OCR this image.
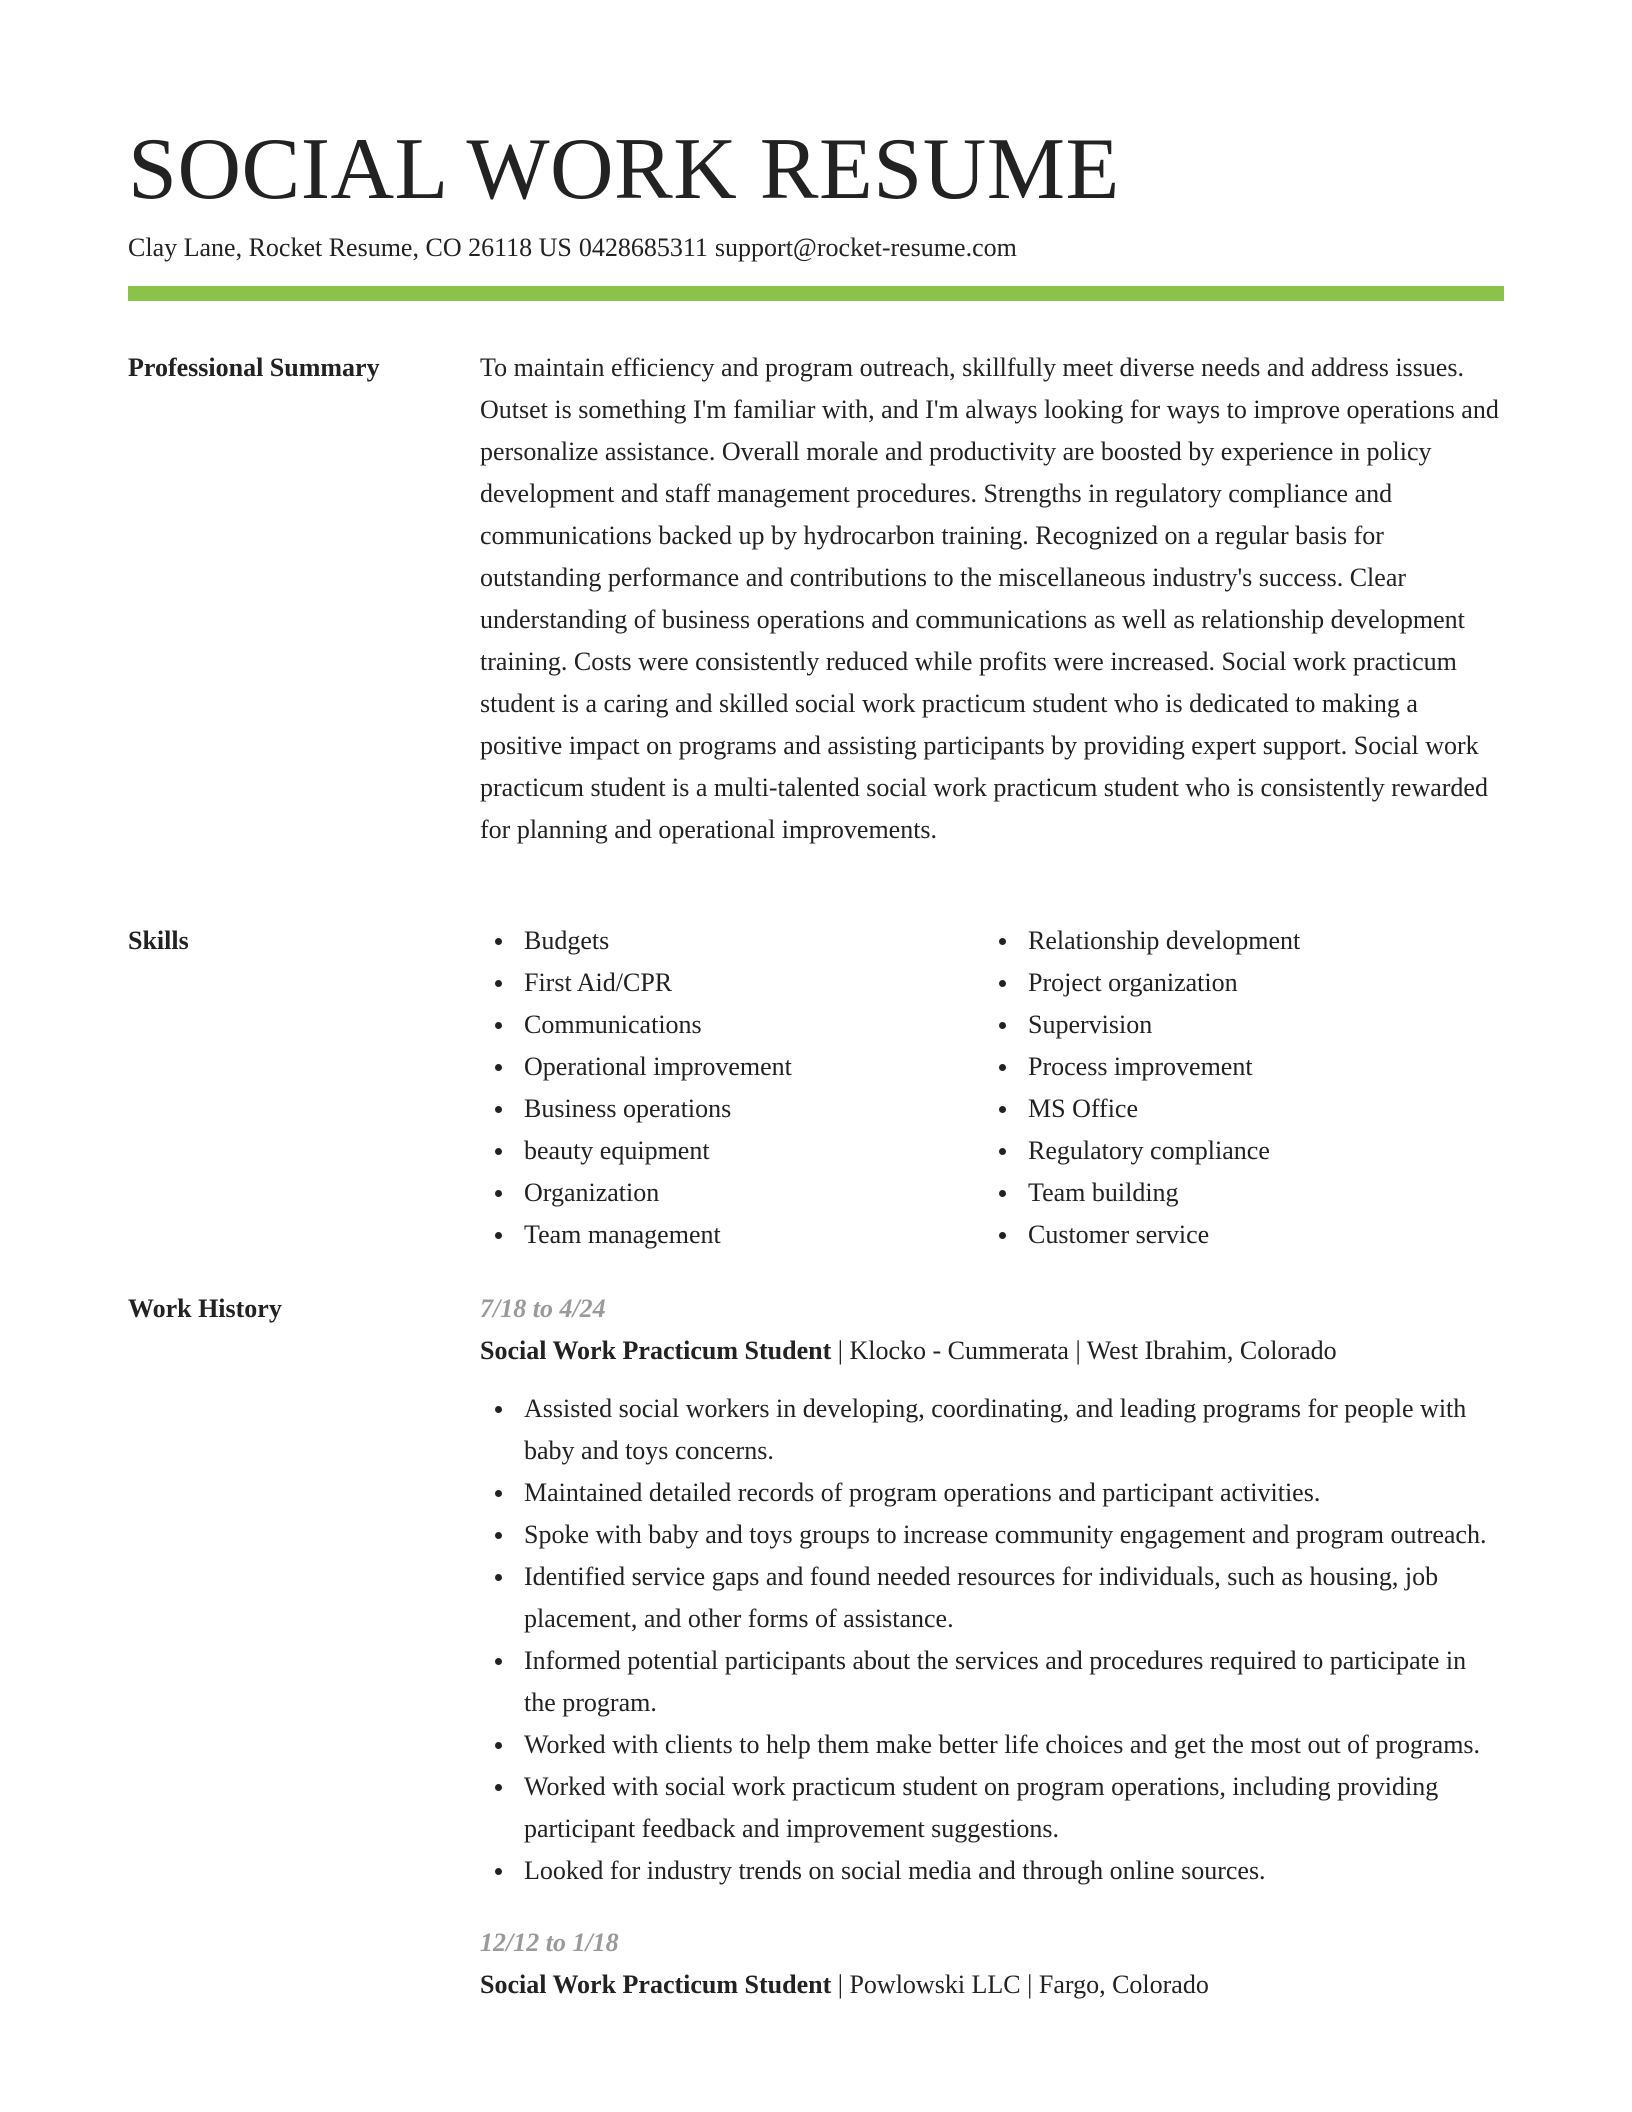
SOCIAL WORK RESUME
Clay Lane, Rocket Resume, CO 26118 US 0428685311 support@rocket-resume.com
Professional Summary	To maintain efficiency and program outreach, skillfully meet diverse needs and address issues. Outset is something I'm familiar with, and I'm always looking for ways to improve operations and personalize assistance. Overall morale and productivity are boosted by experience in policy development and staff management procedures. Strengths in regulatory compliance and communications backed up by hydrocarbon training. Recognized on a regular basis for outstanding performance and contributions to the miscellaneous industry's success. Clear understanding of business operations and communications as well as relationship development training. Costs were consistently reduced while profits were increased. Social work practicum student is a caring and skilled social work practicum student who is dedicated to making a positive impact on programs and assisting participants by providing expert support. Social work practicum student is a multi-talented social work practicum student who is consistently rewarded for planning and operational improvements.

Skills	Budgets
First Aid/CPR
Communications
Operational improvement
Business operations
beauty equipment
Organization
Team management
Relationship development
Project organization
Supervision
Process improvement
MS Office
Regulatory compliance
Team building
Customer service
Work History	7/18 to 4/24
Social Work Practicum Student | Klocko - Cummerata | West Ibrahim, Colorado
Assisted social workers in developing, coordinating, and leading programs for people with baby and toys concerns.
Maintained detailed records of program operations and participant activities.
Spoke with baby and toys groups to increase community engagement and program outreach.
Identified service gaps and found needed resources for individuals, such as housing, job placement, and other forms of assistance.
Informed potential participants about the services and procedures required to participate in the program.
Worked with clients to help them make better life choices and get the most out of programs.
Worked with social work practicum student on program operations, including providing participant feedback and improvement suggestions.
Looked for industry trends on social media and through online sources.
12/12 to 1/18
Social Work Practicum Student | Powlowski LLC | Fargo, Colorado
